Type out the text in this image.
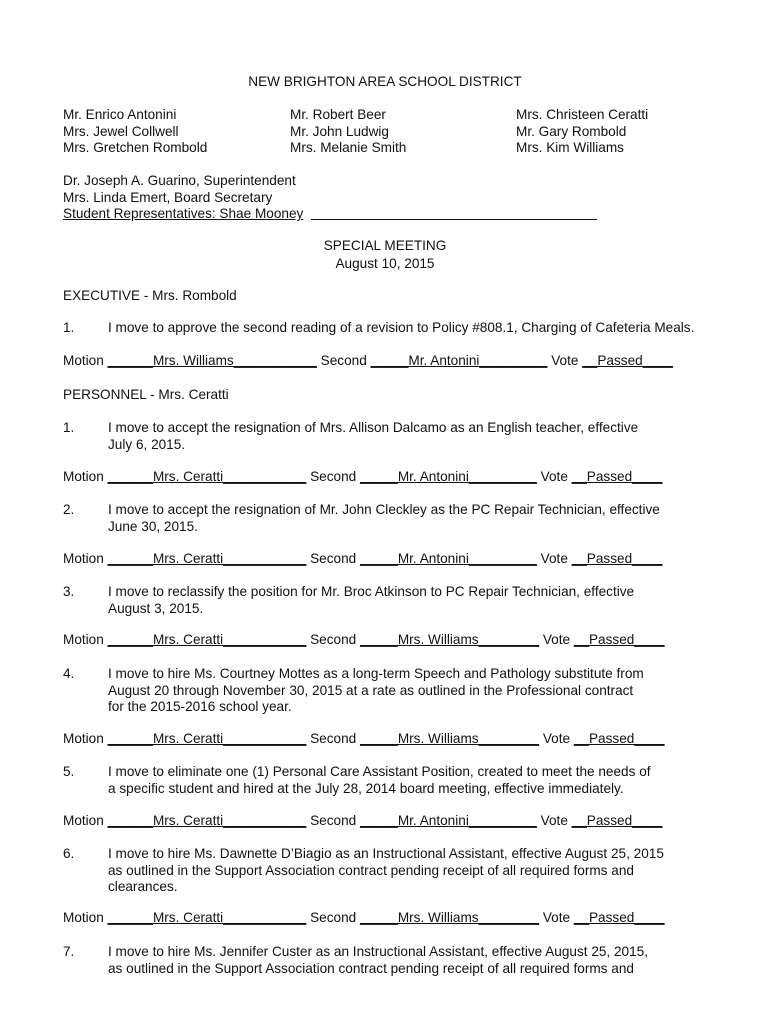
NEW BRIGHTON AREA SCHOOL DISTRICT
Mr. Enrico Antonini
Mrs. Jewel Collwell
Mrs. Gretchen Rombold
Mr. Robert Beer
Mr. John Ludwig
Mrs. Melanie Smith
Mrs. Christeen Ceratti
Mr. Gary Rombold
Mrs. Kim Williams
Dr. Joseph A. Guarino, Superintendent
Mrs. Linda Emert, Board Secretary
Student Representatives: Shae Mooney
SPECIAL MEETING
August 10, 2015
EXECUTIVE - Mrs. Rombold
1. I move to approve the second reading of a revision to Policy #808.1, Charging of Cafeteria Meals.
Motion ______Mrs. Williams___________ Second _____Mr. Antonini_________ Vote __Passed____
PERSONNEL - Mrs. Ceratti
1. I move to accept the resignation of Mrs. Allison Dalcamo as an English teacher, effective
July 6, 2015.
Motion ______Mrs. Ceratti___________ Second _____Mr. Antonini_________ Vote __Passed____
2. I move to accept the resignation of Mr. John Cleckley as the PC Repair Technician, effective
June 30, 2015.
Motion ______Mrs. Ceratti___________ Second _____Mr. Antonini_________ Vote __Passed____
3. I move to reclassify the position for Mr. Broc Atkinson to PC Repair Technician, effective
August 3, 2015.
Motion ______Mrs. Ceratti___________ Second _____Mrs. Williams________ Vote __Passed____
4. I move to hire Ms. Courtney Mottes as a long-term Speech and Pathology substitute from
August 20 through November 30, 2015 at a rate as outlined in the Professional contract
for the 2015-2016 school year.
Motion ______Mrs. Ceratti___________ Second _____Mrs. Williams________ Vote __Passed____
5. I move to eliminate one (1) Personal Care Assistant Position, created to meet the needs of
a specific student and hired at the July 28, 2014 board meeting, effective immediately.
Motion ______Mrs. Ceratti___________ Second _____Mr. Antonini_________ Vote __Passed____
6. I move to hire Ms. Dawnette D’Biagio as an Instructional Assistant, effective August 25, 2015
as outlined in the Support Association contract pending receipt of all required forms and
clearances.
Motion ______Mrs. Ceratti___________ Second _____Mrs. Williams________ Vote __Passed____
7. I move to hire Ms. Jennifer Custer as an Instructional Assistant, effective August 25, 2015,
as outlined in the Support Association contract pending receipt of all required forms and
